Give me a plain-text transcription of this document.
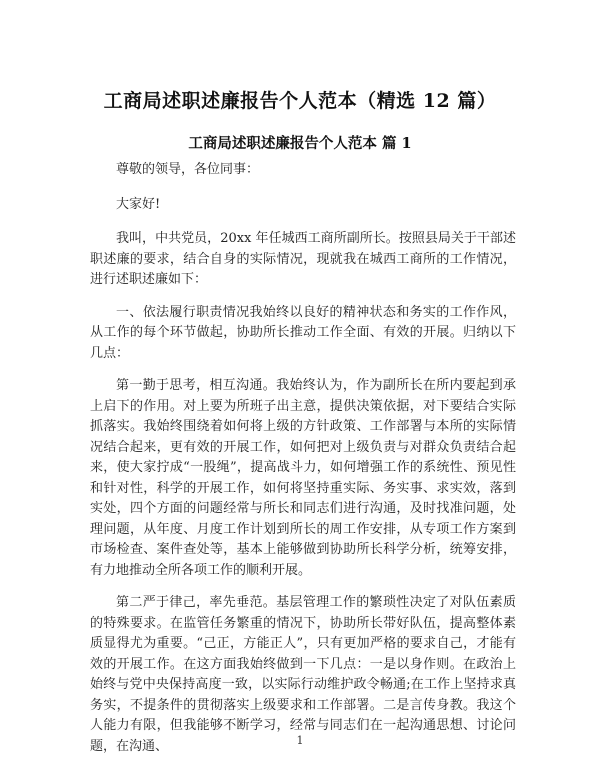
工商局述职述廉报告个人范本（精选 12 篇）
工商局述职述廉报告个人范本 篇 1

尊敬的领导，各位同事：

大家好!

我叫，中共党员，20xx 年任城西工商所副所长。按照县局关于干部述职述廉的要求，结合自身的实际情况，现就我在城西工商所的工作情况，进行述职述廉如下：

一、依法履行职责情况我始终以良好的精神状态和务实的工作作风，从工作的每个环节做起，协助所长推动工作全面、有效的开展。归纳以下几点：

第一勤于思考，相互沟通。我始终认为，作为副所长在所内要起到承上启下的作用。对上要为所班子出主意，提供决策依据，对下要结合实际抓落实。我始终围绕着如何将上级的方针政策、工作部署与本所的实际情况结合起来，更有效的开展工作，如何把对上级负责与对群众负责结合起来，使大家拧成“一股绳”，提高战斗力，如何增强工作的系统性、预见性和针对性，科学的开展工作，如何将坚持重实际、务实事、求实效，落到实处，四个方面的问题经常与所长和同志们进行沟通，及时找准问题，处理问题，从年度、月度工作计划到所长的周工作安排，从专项工作方案到市场检查、案件查处等，基本上能够做到协助所长科学分析，统筹安排，有力地推动全所各项工作的顺利开展。

第二严于律己，率先垂范。基层管理工作的繁琐性决定了对队伍素质的特殊要求。在监管任务繁重的情况下，协助所长带好队伍，提高整体素质显得尤为重要。“己正，方能正人”，只有更加严格的要求自己，才能有效的开展工作。在这方面我始终做到一下几点：一是以身作则。在政治上始终与党中央保持高度一致，以实际行动维护政令畅通;在工作上坚持求真务实，不提条件的贯彻落实上级要求和工作部署。二是言传身教。我这个人能力有限，但我能够不断学习，经常与同志们在一起沟通思想、讨论问题，在沟通、	1
